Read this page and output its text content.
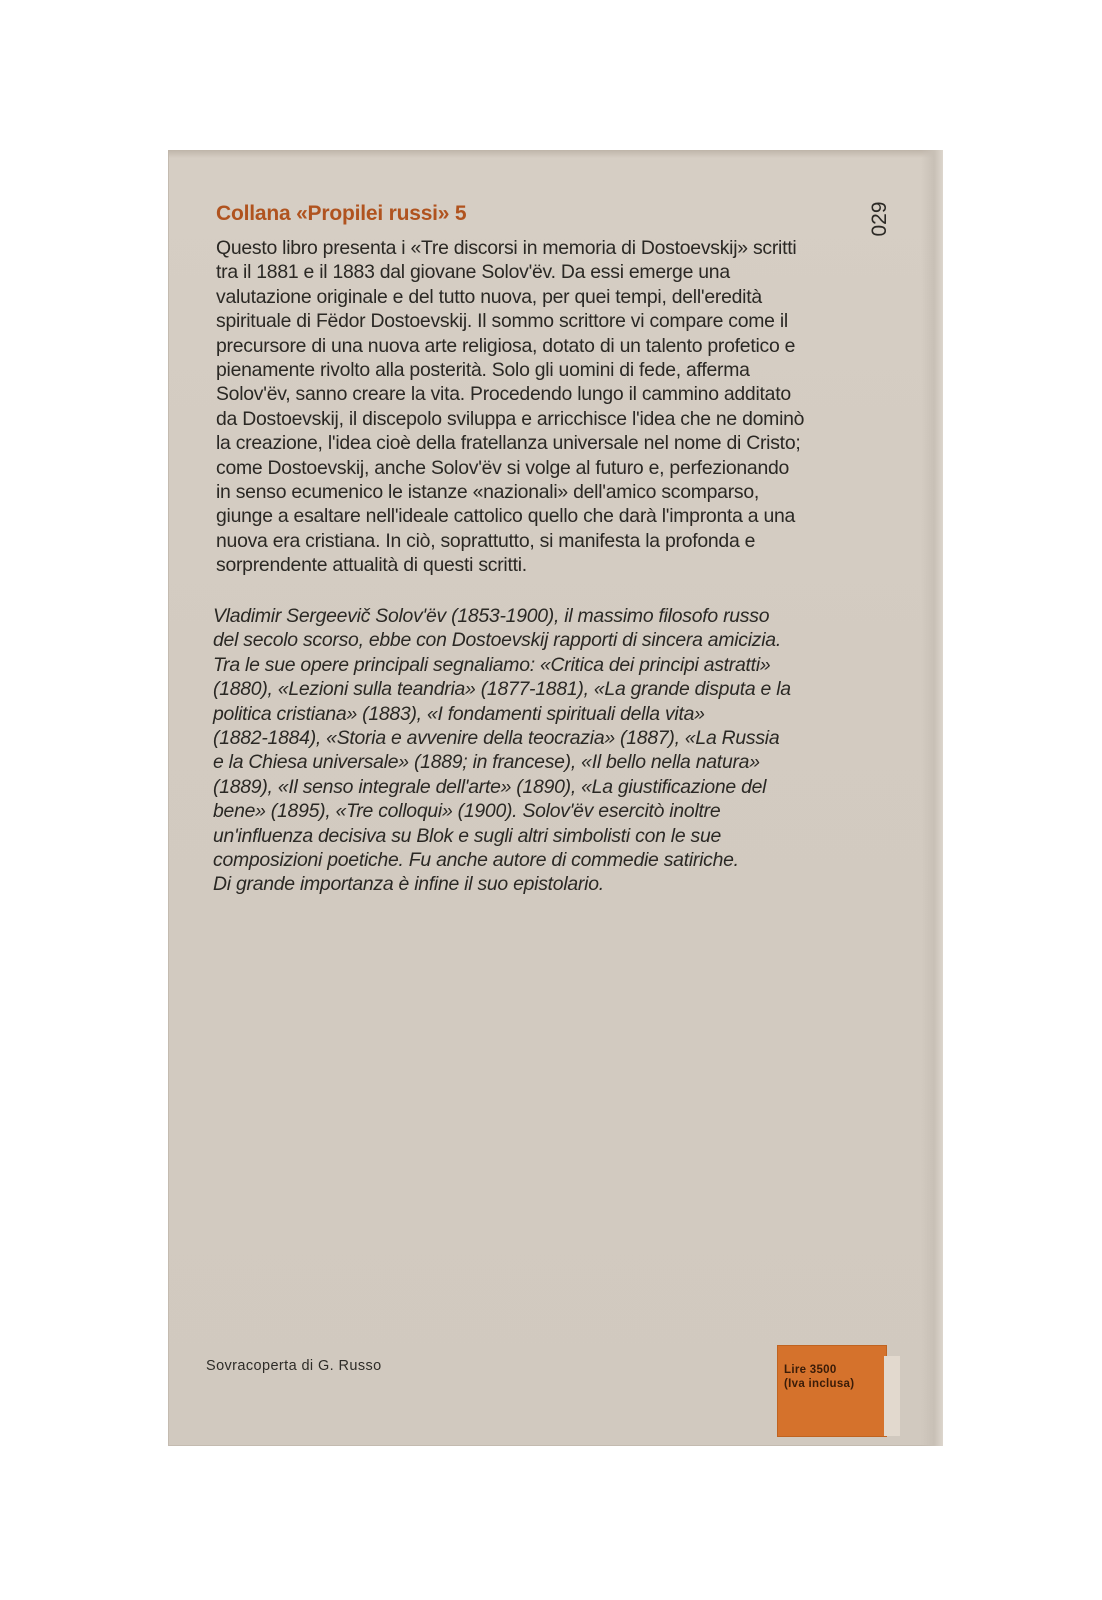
Collana «Propilei russi» 5	029

Questo libro presenta i «Tre discorsi in memoria di Dostoevskij» scritti
tra il 1881 e il 1883 dal giovane Solov'ëv. Da essi emerge una
valutazione originale e del tutto nuova, per quei tempi, dell'eredità
spirituale di Fëdor Dostoevskij. Il sommo scrittore vi compare come il
precursore di una nuova arte religiosa, dotato di un talento profetico e
pienamente rivolto alla posterità. Solo gli uomini di fede, afferma
Solov'ëv, sanno creare la vita. Procedendo lungo il cammino additato
da Dostoevskij, il discepolo sviluppa e arricchisce l'idea che ne dominò
la creazione, l'idea cioè della fratellanza universale nel nome di Cristo;
come Dostoevskij, anche Solov'ëv si volge al futuro e, perfezionando
in senso ecumenico le istanze «nazionali» dell'amico scomparso,
giunge a esaltare nell'ideale cattolico quello che darà l'impronta a una
nuova era cristiana. In ciò, soprattutto, si manifesta la profonda e
sorprendente attualità di questi scritti.

Vladimir Sergeevič Solov'ëv (1853-1900), il massimo filosofo russo
del secolo scorso, ebbe con Dostoevskij rapporti di sincera amicizia.
Tra le sue opere principali segnaliamo: «Critica dei principi astratti»
(1880), «Lezioni sulla teandria» (1877-1881), «La grande disputa e la
politica cristiana» (1883), «I fondamenti spirituali della vita»
(1882-1884), «Storia e avvenire della teocrazia» (1887), «La Russia
e la Chiesa universale» (1889; in francese), «Il bello nella natura»
(1889), «Il senso integrale dell'arte» (1890), «La giustificazione del
bene» (1895), «Tre colloqui» (1900). Solov'ëv esercitò inoltre
un'influenza decisiva su Blok e sugli altri simbolisti con le sue
composizioni poetiche. Fu anche autore di commedie satiriche.
Di grande importanza è infine il suo epistolario.

Sovracoperta di G. Russo	Lire 3500
(Iva inclusa)
